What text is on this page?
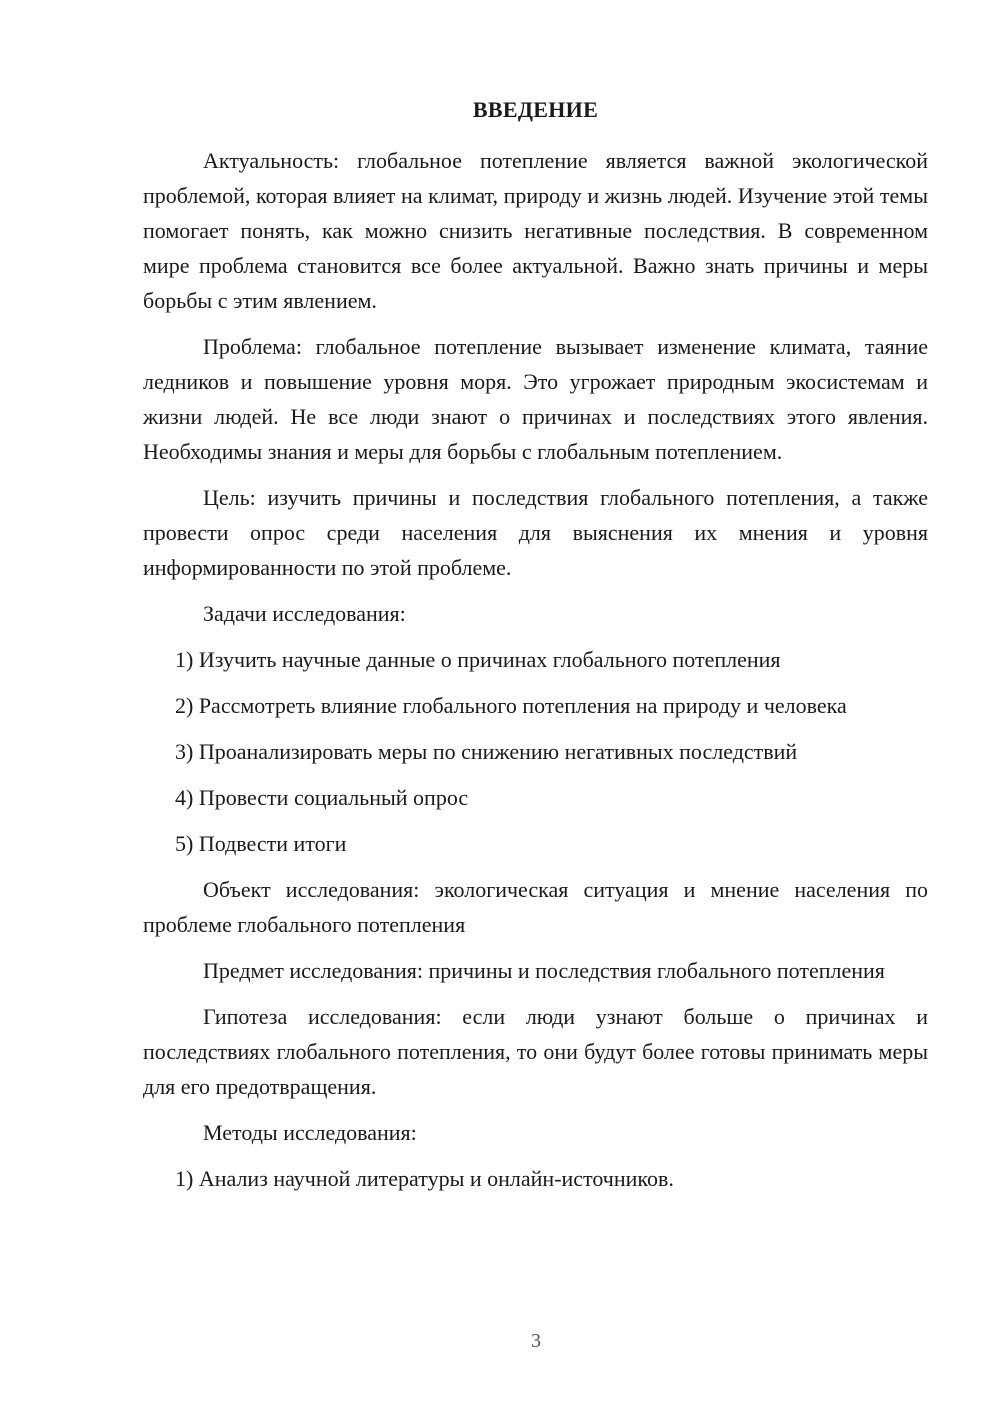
ВВЕДЕНИЕ

Актуальность: глобальное потепление является важной экологической проблемой, которая влияет на климат, природу и жизнь людей. Изучение этой темы помогает понять, как можно снизить негативные последствия. В современном мире проблема становится все более актуальной. Важно знать причины и меры борьбы с этим явлением.

Проблема: глобальное потепление вызывает изменение климата, таяние ледников и повышение уровня моря. Это угрожает природным экосистемам и жизни людей. Не все люди знают о причинах и последствиях этого явления. Необходимы знания и меры для борьбы с глобальным потеплением.

Цель: изучить причины и последствия глобального потепления, а также провести опрос среди населения для выяснения их мнения и уровня информированности по этой проблеме.

Задачи исследования:

1) Изучить научные данные о причинах глобального потепления

2) Рассмотреть влияние глобального потепления на природу и человека

3) Проанализировать меры по снижению негативных последствий

4) Провести социальный опрос

5) Подвести итоги

Объект исследования: экологическая ситуация и мнение населения по проблеме глобального потепления

Предмет исследования: причины и последствия глобального потепления

Гипотеза исследования: если люди узнают больше о причинах и последствиях глобального потепления, то они будут более готовы принимать меры для его предотвращения.

Методы исследования:

1) Анализ научной литературы и онлайн-источников.

3
